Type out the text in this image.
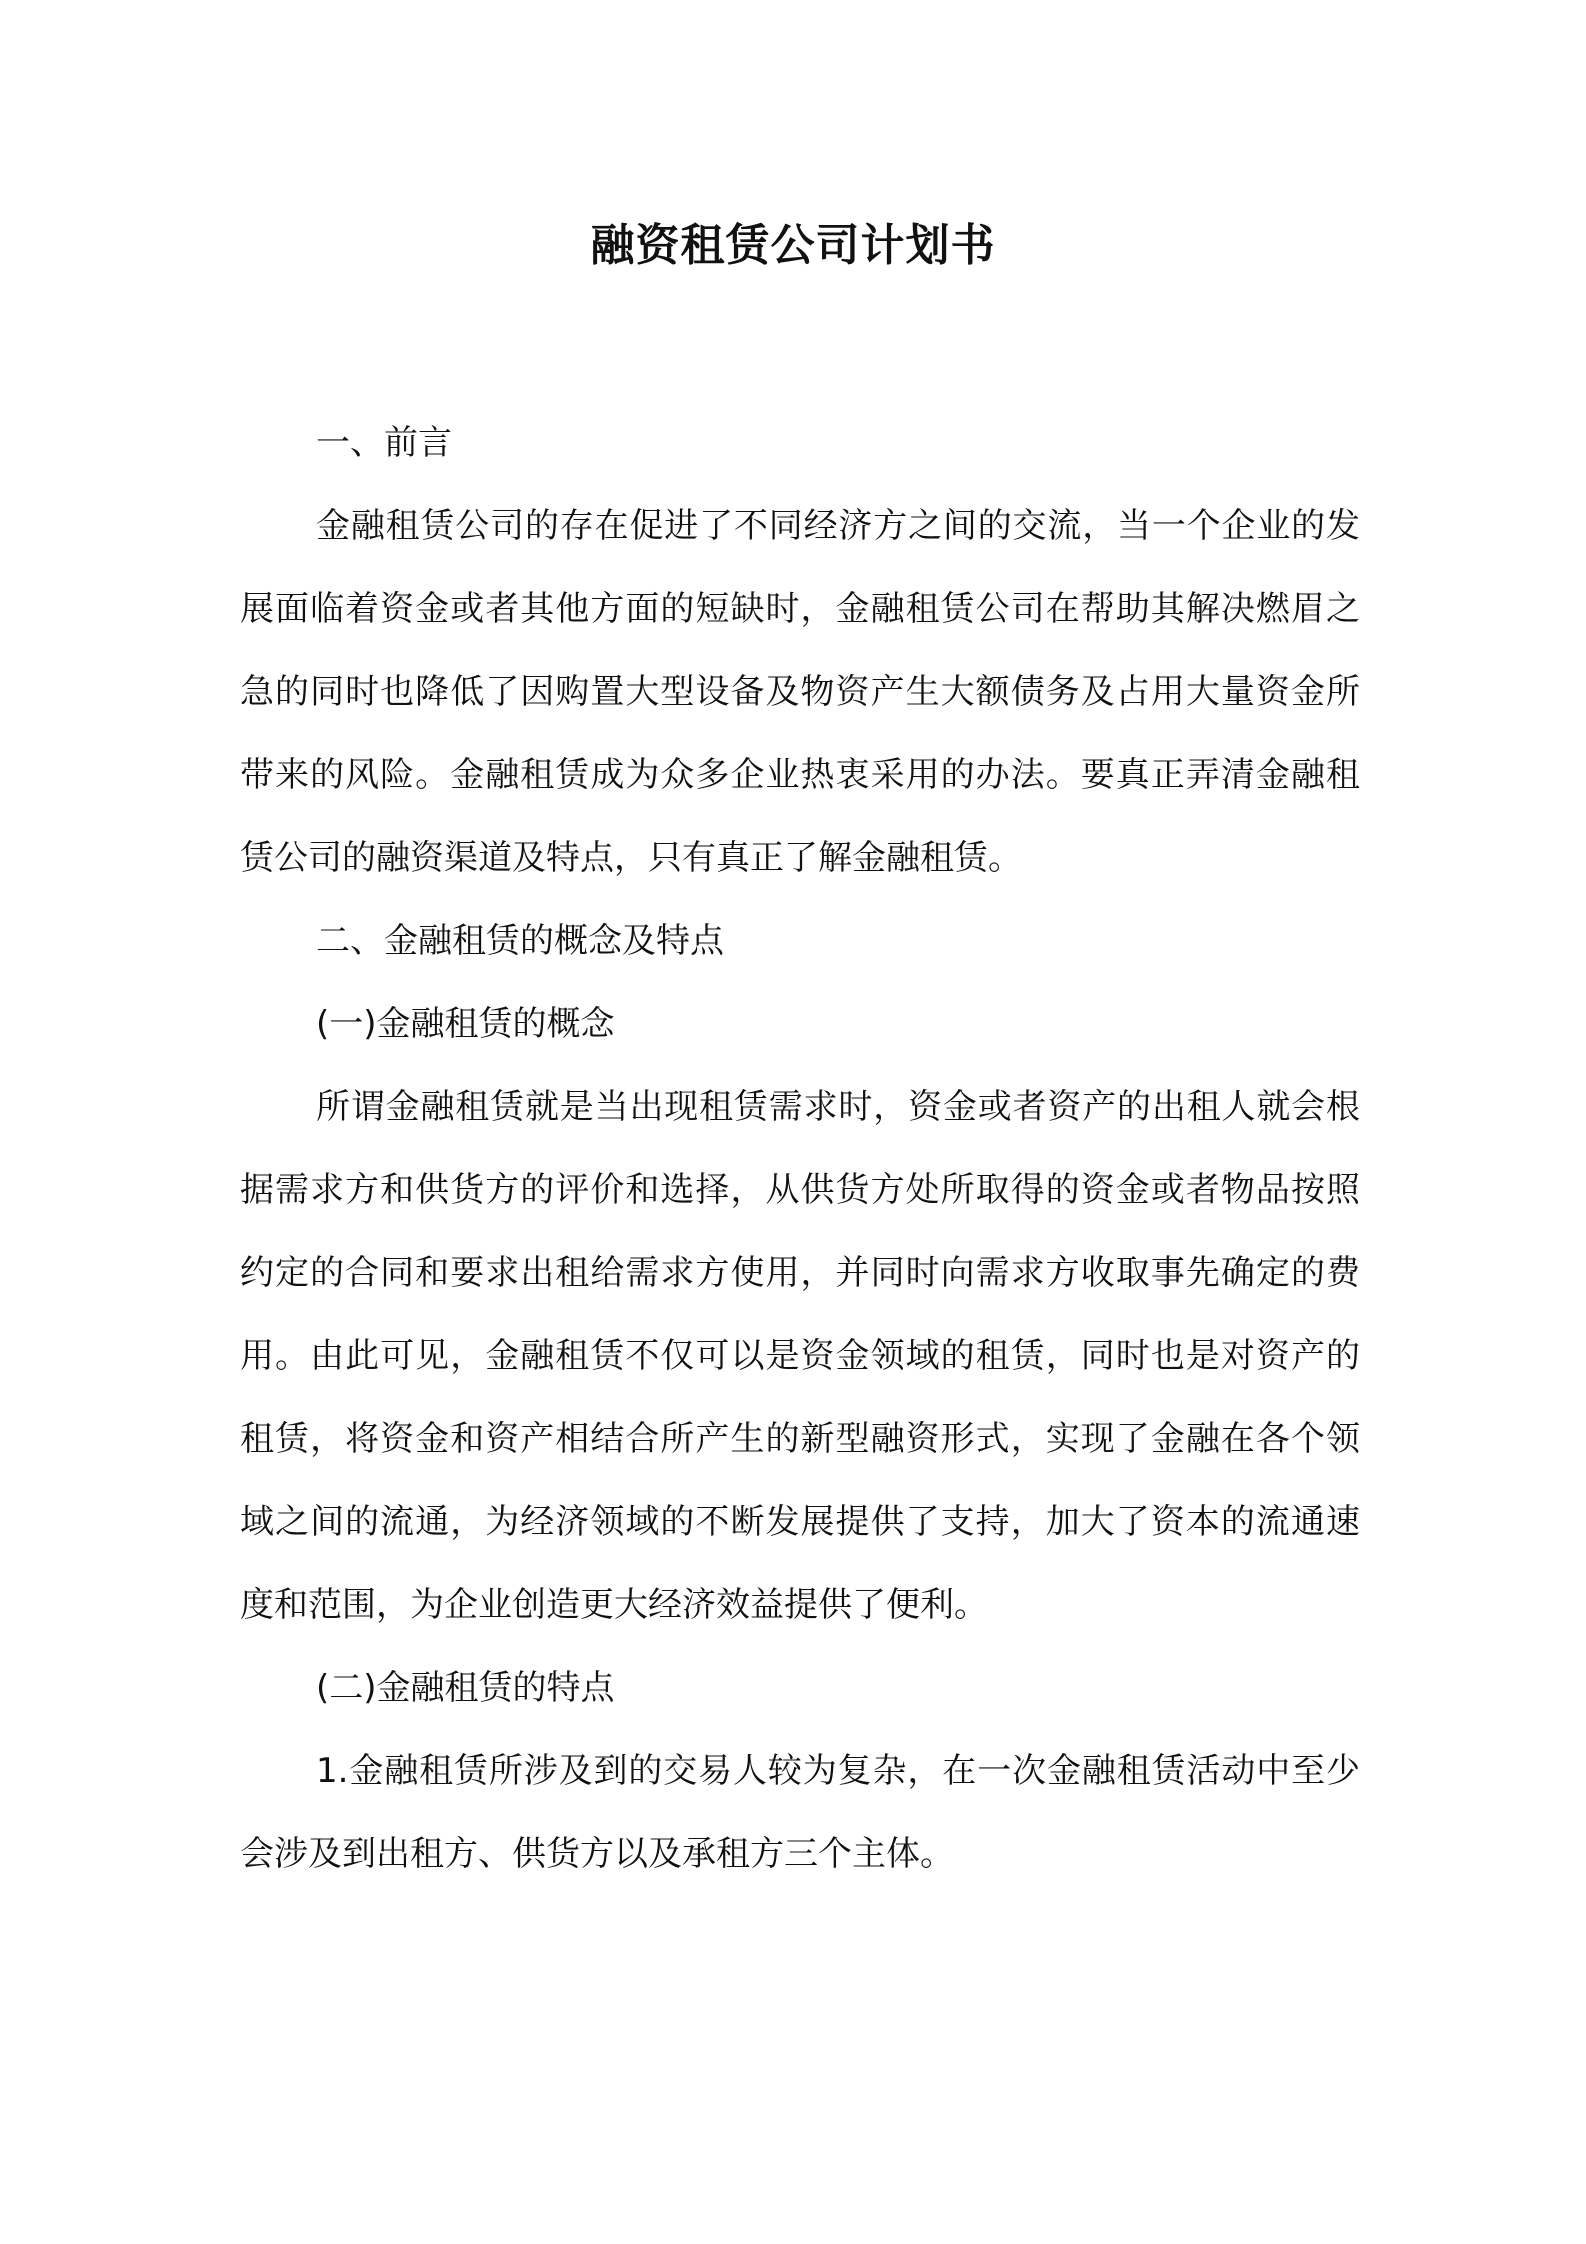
融资租赁公司计划书

一、前言

金融租赁公司的存在促进了不同经济方之间的交流，当一个企业的发展面临着资金或者其他方面的短缺时，金融租赁公司在帮助其解决燃眉之急的同时也降低了因购置大型设备及物资产生大额债务及占用大量资金所带来的风险。金融租赁成为众多企业热衷采用的办法。要真正弄清金融租赁公司的融资渠道及特点，只有真正了解金融租赁。

二、金融租赁的概念及特点

(一)金融租赁的概念

所谓金融租赁就是当出现租赁需求时，资金或者资产的出租人就会根据需求方和供货方的评价和选择，从供货方处所取得的资金或者物品按照约定的合同和要求出租给需求方使用，并同时向需求方收取事先确定的费用。由此可见，金融租赁不仅可以是资金领域的租赁，同时也是对资产的租赁，将资金和资产相结合所产生的新型融资形式，实现了金融在各个领域之间的流通，为经济领域的不断发展提供了支持，加大了资本的流通速度和范围，为企业创造更大经济效益提供了便利。

(二)金融租赁的特点

1.金融租赁所涉及到的交易人较为复杂，在一次金融租赁活动中至少会涉及到出租方、供货方以及承租方三个主体。
